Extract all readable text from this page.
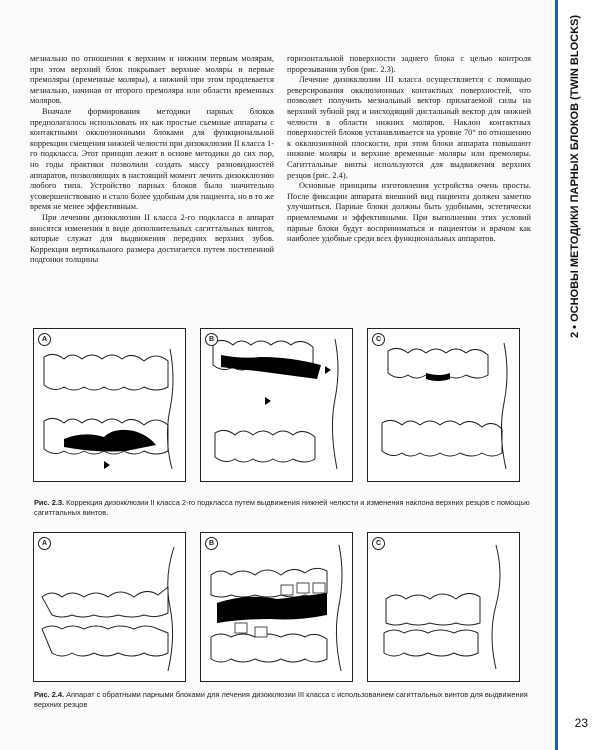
мезиально по отношении к верхним и нижним первым молярам, при этом верхний блок покрывает верхние моляры и первые премоляры (временные моляры), а нижний при этом продлевается мезиально, начиная от второго премоляра или области временных моляров.

Вначале формирования методики парных блоков предполагалось использовать их как простые съемные аппараты с контактными окклюзионными блоками для функциональной коррекции смещения нижней челюсти при дизокклюзии II класса 1-го подкласса. Этот принцип лежит в основе методики до сих пор, но годы практики позволили создать массу разновидностей аппаратов, позволяющих в настоящий момент лечить дизокклюзию любого типа. Устройство парных блоков было значительно усовершенствовано и стало более удобным для пациента, но в то же время не менее эффективным.

При лечении дизокклюзии II класса 2-го подкласса в аппарат вносятся изменения в виде дополнительных сагиттальных винтов, которые служат для выдвижения передних верхних зубов. Коррекция вертикального размера достигается путем постепенной подгонки толщины

горизонтальной поверхности заднего блока с целью контроля прорезывания зубов (рис. 2.3).

Лечение дизокклюзии III класса осуществляется с помощью реверсирования окклюзионных контактных поверхностей, что позволяет получить мезиальный вектор прилагаемой силы на верхний зубной ряд и нисходящий дистальный вектор для нижней челюсти в области нижних моляров. Наклон контактных поверхностей блоков устанавливается на уровне 70° по отношению к окклюзионной плоскости, при этом блоки аппарата повышают нижние моляры и верхние временные моляры или премоляры. Сагиттальные винты используются для выдвижения верхних резцов (рис. 2.4).

Основные принципы изготовления устройства очень просты. После фиксации аппарата внешний вид пациента должен заметно улучшиться. Парные блоки должны быть удобными, эстетически приемлемыми и эффективными. При выполнении этих условий парные блоки будут восприниматься и пациентом и врачом как наиболее удобные среди всех функциональных аппаратов.

A	B	C
Рис. 2.3. Коррекция дизокклюзии II класса 2-го подкласса путем выдвижения нижней челюсти и изменения наклона верхних резцов с помощью сагиттальных винтов.
A	B	C
Рис. 2.4. Аппарат с обратными парными блоками для лечения дизокклюзии III класса с использованием сагиттальных винтов для выдвижения верхних резцов
2 • ОСНОВЫ МЕТОДИКИ ПАРНЫХ БЛОКОВ (TWIN BLOCKS)
23
